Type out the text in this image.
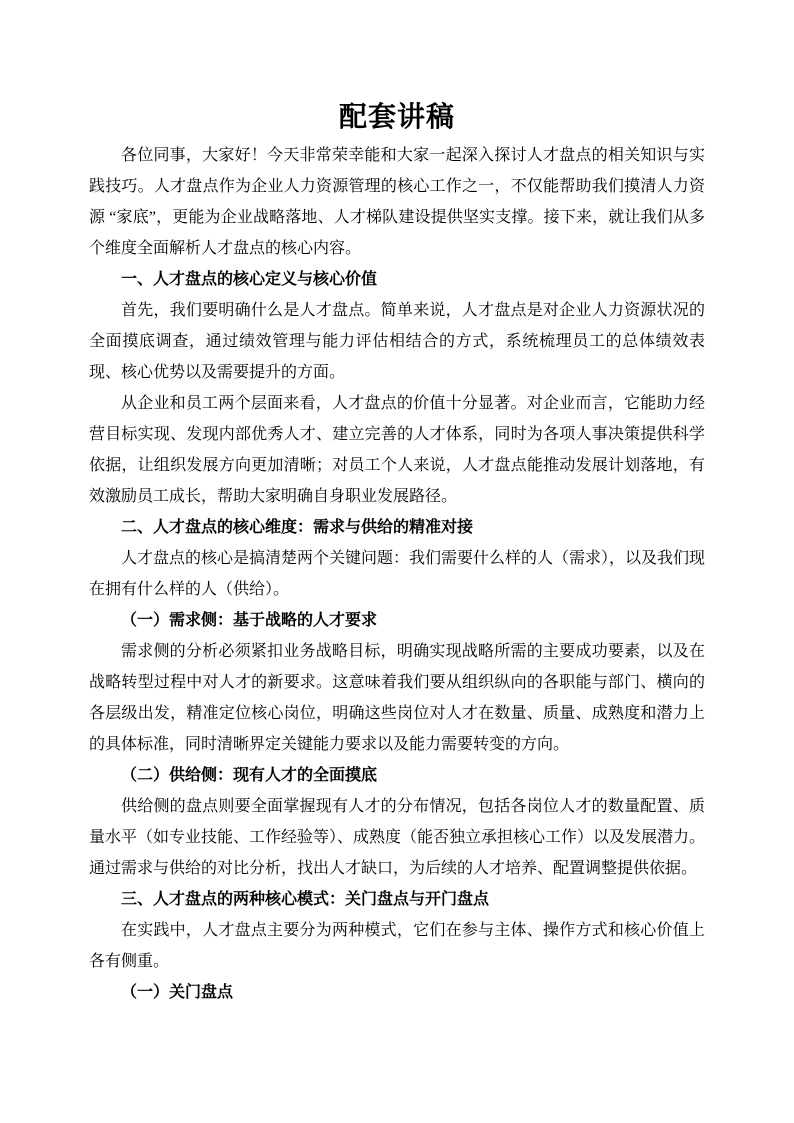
配套讲稿

各位同事，大家好！今天非常荣幸能和大家一起深入探讨人才盘点的相关知识与实践技巧。人才盘点作为企业人力资源管理的核心工作之一，不仅能帮助我们摸清人力资源 “家底”，更能为企业战略落地、人才梯队建设提供坚实支撑。接下来，就让我们从多个维度全面解析人才盘点的核心内容。

一、人才盘点的核心定义与核心价值

首先，我们要明确什么是人才盘点。简单来说，人才盘点是对企业人力资源状况的全面摸底调查，通过绩效管理与能力评估相结合的方式，系统梳理员工的总体绩效表现、核心优势以及需要提升的方面。

从企业和员工两个层面来看，人才盘点的价值十分显著。对企业而言，它能助力经营目标实现、发现内部优秀人才、建立完善的人才体系，同时为各项人事决策提供科学依据，让组织发展方向更加清晰；对员工个人来说，人才盘点能推动发展计划落地，有效激励员工成长，帮助大家明确自身职业发展路径。

二、人才盘点的核心维度：需求与供给的精准对接

人才盘点的核心是搞清楚两个关键问题：我们需要什么样的人（需求），以及我们现在拥有什么样的人（供给）。

（一）需求侧：基于战略的人才要求

需求侧的分析必须紧扣业务战略目标，明确实现战略所需的主要成功要素，以及在战略转型过程中对人才的新要求。这意味着我们要从组织纵向的各职能与部门、横向的各层级出发，精准定位核心岗位，明确这些岗位对人才在数量、质量、成熟度和潜力上的具体标准，同时清晰界定关键能力要求以及能力需要转变的方向。

（二）供给侧：现有人才的全面摸底

供给侧的盘点则要全面掌握现有人才的分布情况，包括各岗位人才的数量配置、质量水平（如专业技能、工作经验等）、成熟度（能否独立承担核心工作）以及发展潜力。通过需求与供给的对比分析，找出人才缺口，为后续的人才培养、配置调整提供依据。

三、人才盘点的两种核心模式：关门盘点与开门盘点

在实践中，人才盘点主要分为两种模式，它们在参与主体、操作方式和核心价值上各有侧重。

（一）关门盘点
